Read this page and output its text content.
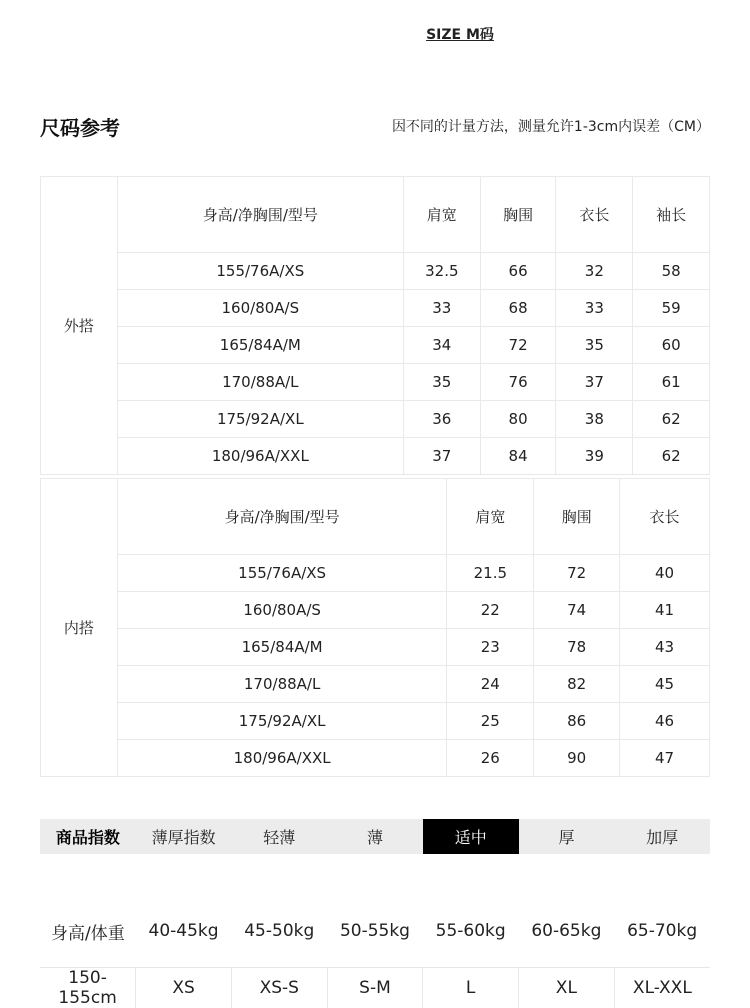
SIZE M码
尺码参考	因不同的计量方法，测量允许1-3cm内误差（CM）
外搭	身高/净胸围/型号	肩宽	胸围	衣长	袖长
	155/76A/XS	32.5	66	32	58
	160/80A/S	33	68	33	59
	165/84A/M	34	72	35	60
	170/88A/L	35	76	37	61
	175/92A/XL	36	80	38	62
	180/96A/XXL	37	84	39	62
内搭	身高/净胸围/型号	肩宽	胸围	衣长
	155/76A/XS	21.5	72	40
	160/80A/S	22	74	41
	165/84A/M	23	78	43
	170/88A/L	24	82	45
	175/92A/XL	25	86	46
	180/96A/XXL	26	90	47
商品指数	薄厚指数	轻薄	薄	适中	厚	加厚
身高/体重	40-45kg	45-50kg	50-55kg	55-60kg	60-65kg	65-70kg
150-155cm	XS	XS-S	S-M	L	XL	XL-XXL
